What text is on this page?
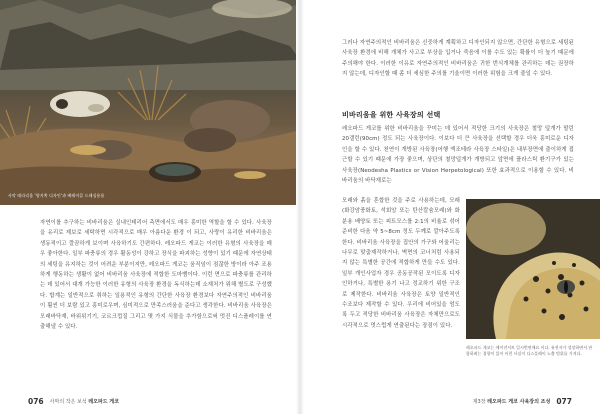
사막 테라리움 '양지쪽 디자인'과 베레이클 드레싱용품
자연이를 추구하는 비바리움은 실내인테리어 측면에서도 매우 흥미한 역할을 할 수 있다. 사육장을 유리로 제보로 세탁하면 시각적으로 매우 아름다운 환경 이 되고, 사랑이 유리한 비바리움은 생동적이고 깔끔하게 보이며 사육하기도 간편하다. 레오파드 게코는 이러한 유형의 사육장을 매우 좋아한다. 일부 파충류의 경우 활동성이 강하고 장식을 파괴하는 성향이 있기 때문에 자연상태의 세팅을 유지하는 것이 어려운 부분이지만, 레오파드 게코는 움직임이 점잖한 방이라 아주 조용하게 행동하는 생활이 없어 비바리움 사육장에 적합한 도마뱀이다. 이런 면으로 파충류를 관리하는 데 있어서 대개 가능한 이러한 유형의 사육장 환경을 독식하는데 소재처가 위해 별도로 구성했다. 합계는 일반적으로 취하는 일용적인 유형의 간단한 사육장 환경보다 자연주의적인 비바리움이 훨씬 더 보람 있고 흥미로우며, 심미적으로 만족스러움을 준다고 생각한다. 비바리움 사육장은 모래바닥재, 바위위기기, 코르크껍질 그리고 몇 가지 식물을 추가함으로써 멋진 디스플레이를 연출해낼 수 있다.
076 사막의 작은 보석
레오파드 게코
그러나 자연주의적인 비바리움은 신중하게 계획하고 디자인되지 않으면, 간단한 유형으로 세팅된 사육장 환경에 비해 개체가 사고로 부상을 입거나 죽음에 이를 수도 있는 확률이 더 높기 때문에 주의해야 한다. 이러한 이유로 자연주의적인 비바리움은 귀한 번식개체를 관리하는 데는 권장하지 않는데, 디자인할 때 좀 더 세심한 주의를 기울이면 이러한 위험을 크게 줄일 수 있다.
비바리움을 위한 사육장의 선택
레오파드 게코를 위한 비바리움을 꾸미는 데 있어서 적당한 크기의 사육장은 철망 덮개가 딸린 20갤런(90cm) 정도 되는 사육장이다. 이보다 더 큰 사육장을 선택할 경우 더욱 흥미로운 디자인을 할 수 있다. 천연이 개방된 사육장(어행 엑조테라 사육장 스타일)은 내부장면에 출이하게 접근할 수 있기 때문에 가장 좋으며, 상단의 철망덮개가 개방되고 앞면에 플라스틱 환기구가 있는 사육장(Neodesha Plastics or Vision Herpetological) 또한 효과적으로 이용할 수 있다. 비바리움의 바닥재로는
모래와 흙을 혼합한 것을 주로 사용하는데, 모래(화강암풍화토, 석회암 또는 탄산칼슘모래)와 화분용 배양토 또는 피트모스를 2:1의 비율로 섞어 준비한 다음 약 5~8cm 정도 두께로 깔아주도록 한다. 비바리움 사육장을 집안의 가구와 어울리는 나무로 맞춤제작하거나, 벽면의 코너처럼 사용되지 않는 특별한 공간에 적합하게 만들 수도 있다. 일부 개인사업자 경우 공동공작된 모이도록 디자인하거나, 특별한 용기 나고 정교하기 위한 구조로 제작한다. 비바리움 사육장은 토양 일반적인 수조보다 제작할 수 있다. 우리에 비어있을 엄도록 두고 적당한 비바리움 사육장은 자체만으로도 시각적으로 멋스럽게 연출된다는 장점이 있다.
레오파드 게코는 에이전서트 일시번연에요 이다. 유전자가 성장하면서 관함하려는 경향이 있어 이런 사실이 디스플레이 노출 범위를 가져다.
제3장
레오파드 게코 사육장의 조성 077
